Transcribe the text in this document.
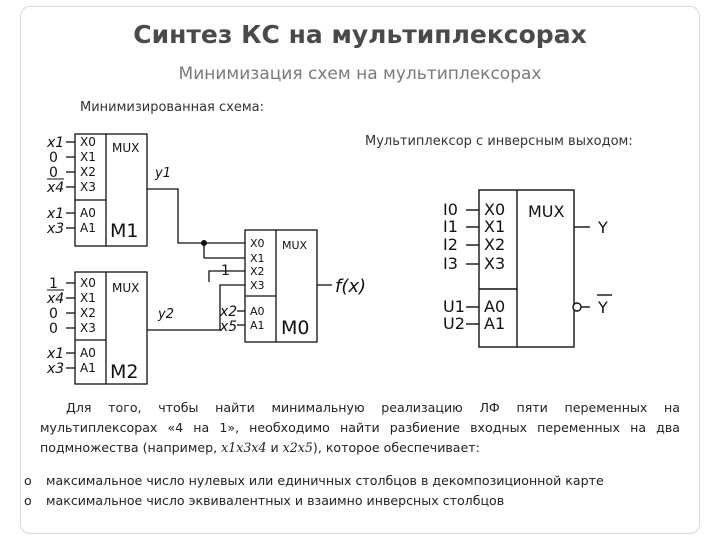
Синтез КС на мультиплексорах
Минимизация схем на мультиплексорах
Минимизированная схема:
Мультиплексор с инверсным выходом:
X0
X1
X2
X3
A0
A1
MUX
M1
X0
X1
X2
X3
A0
A1
MUX
M2
X0
X1
X2
X3
A0
A1
MUX
M0
x1
0
0
x4
x1
x3
1
x4
0
0
x1
x3
y1
y2	x2
x5
1
f(x)
X0
X1
X2
X3
A0
A1
MUX
I0
I1
I2
I3
U1
U2
Y
Y
Для того, чтобы найти минимальную реализацию ЛФ пяти переменных на мультиплексорах «4 на 1», необходимо найти разбиение входных переменных на два подмножества (например, x1x3x4 и x2x5), которое обеспечивает:
o максимальное число нулевых или единичных столбцов в декомпозиционной карте
o максимальное число эквивалентных и взаимно инверсных столбцов
